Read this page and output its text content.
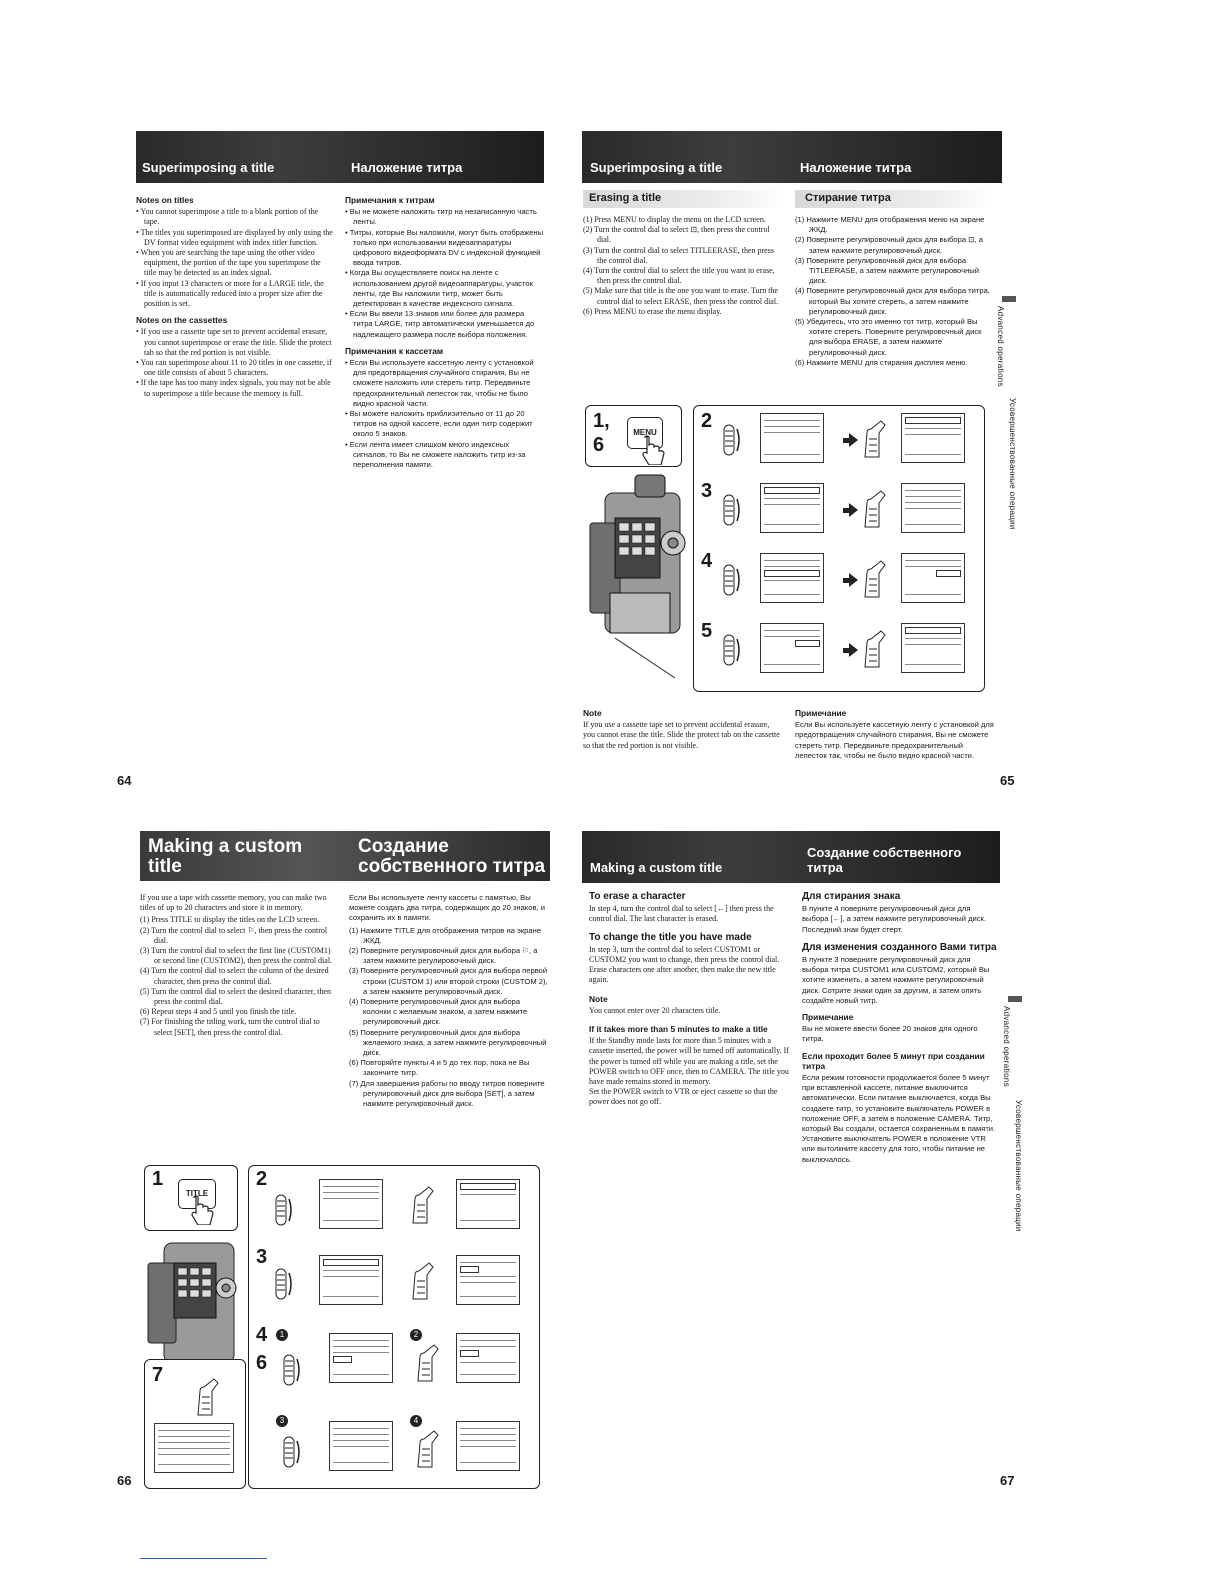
Superimposing a title	Наложение титра
Notes on titles
• You cannot superimpose a title to a blank portion of the tape.
• The titles you superimposed are displayed by only using the DV format video equipment with index titler function.
• When you are searching the tape using the other video equipment, the portion of the tape you superimpose the title may be detected as an index signal.
• If you input 13 characters or more for a LARGE title, the title is automatically reduced into a proper size after the position is set.
Notes on the cassettes
• If you use a cassette tape set to prevent accidental erasure, you cannot superimpose or erase the title. Slide the protect tab so that the red portion is not visible.
• You can superimpose about 11 to 20 titles in one cassette, if one title consists of about 5 characters.
• If the tape has too many index signals, you may not be able to superimpose a title because the memory is full.
Примечания к титрам
• Вы не можете наложить титр на незаписанную часть ленты.
• Титры, которые Вы наложили, могут быть отображены только при использовании видеоаппаратуры цифрового видеоформата DV с индексной функцией ввода титров.
• Когда Вы осуществляете поиск на ленте с использованием другой видеоаппаратуры, участок ленты, где Вы наложили титр, может быть детектирован в качестве индексного сигнала.
• Если Вы ввели 13 знаков или более для размера титра LARGE, титр автоматически уменьшается до надлежащего размера после выбора положения.
Примечания к кассетам
• Если Вы используете кассетную ленту с установкой для предотвращения случайного стирания, Вы не сможете наложить или стереть титр. Передвиньте предохранительный лепесток так, чтобы не было видно красной части.
• Вы можете наложить приблизительно от 11 до 20 титров на одной кассете, если один титр содержит около 5 знаков.
• Если лента имеет слишком много индексных сигналов, то Вы не сможете наложить титр из-за переполнения памяти.
64
Superimposing a title	Наложение титра
Erasing a title	Стирание титра
(1) Press MENU to display the menu on the LCD screen.
(2) Turn the control dial to select ⊡, then press the control dial.
(3) Turn the control dial to select TITLEERASE, then press the control dial.
(4) Turn the control dial to select the title you want to erase, then press the control dial.
(5) Make sure that title is the one you want to erase. Turn the control dial to select ERASE, then press the control dial.
(6) Press MENU to erase the menu display.
(1) Нажмите MENU для отображения меню на экране ЖКД.
(2) Поверните регулировочный диск для выбора ⊡, а затем нажмите регулировочный диск.
(3) Поверните регулировочный диск для выбора TITLEERASE, а затем нажмите регулировочный диск.
(4) Поверните регулировочный диск для выбора титра, который Вы хотите стереть, а затем нажмите регулировочный диск.
(5) Убедитесь, что это именно тот титр, который Вы хотите стереть. Поверните регулировочный диск для выбора ERASE, а затем нажмите регулировочный диск.
(6) Нажмите MENU для стирания дисплея меню.
1,
6
MENU
2
3
4
5
Note
If you use a cassette tape set to prevent accidental erasure, you cannot erase the title. Slide the protect tab on the cassette so that the red portion is not visible.
Примечание
Если Вы используете кассетную ленту с установкой для предотвращения случайного стирания, Вы не сможете стереть титр. Передвиньте предохранительный лепесток так, чтобы не было видно красной части.
Advanced operations
Усовершенствованные операции
65
Making a custom
title
Создание
собственного титра
If you use a tape with cassette memory, you can make two titles of up to 20 characters and store it in memory.
(1) Press TITLE to display the titles on the LCD screen.
(2) Turn the control dial to select ⚐, then press the control dial.
(3) Turn the control dial to select the first line (CUSTOM1) or second line (CUSTOM2), then press the control dial.
(4) Turn the control dial to select the column of the desired character, then press the control dial.
(5) Turn the control dial to select the desired character, then press the control dial.
(6) Repeat steps 4 and 5 until you finish the title.
(7) For finishing the titling work, turn the control dial to select [SET], then press the control dial.
Если Вы используете ленту кассеты с памятью, Вы можете создать два титра, содержащих до 20 знаков, и сохранить их в памяти.
(1) Нажмите TITLE для отображения титров на экране ЖКД.
(2) Поверните регулировочный диск для выбора ⚐, а затем нажмите регулировочный диск.
(3) Поверните регулировочный диск для выбора первой строки (CUSTOM 1) или второй строки (CUSTOM 2), а затем нажмите регулировочный диск.
(4) Поверните регулировочный диск для выбора колонки с желаемым знаком, а затем нажмите регулировочный диск.
(5) Поверните регулировочный диск для выбора желаемого знака, а затем нажмите регулировочный диск.
(6) Повторяйте пункты 4 и 5 до тех пор, пока не Вы закончите титр.
(7) Для завершения работы по вводу титров поверните регулировочный диск для выбора [SET], а затем нажмите регулировочный диск.
1
TITLE
7
2
3
4	1
6
2
3	4
66
Making a custom title
Создание собственного титра
To erase a character
In step 4, turn the control dial to select [←] then press the control dial. The last character is erased.
To change the title you have made
In step 3, turn the control dial to select CUSTOM1 or CUSTOM2 you want to change, then press the control dial. Erase characters one after another, then make the new title again.
Note
You cannot enter over 20 characters title.
If it takes more than 5 minutes to make a title
If the Standby mode lasts for more than 5 minutes with a cassette inserted, the power will be turned off automatically. If the power is turned off while you are making a title, set the POWER switch to OFF once, then to CAMERA. The title you have made remains stored in memory.
Set the POWER switch to VTR or eject cassette so that the power does not go off.
Для стирания знака
В пункте 4 поверните регулировочный диск для выбора [←], а затем нажмите регулировочный диск. Последний знак будет стерт.
Для изменения созданного Вами титра
В пункте 3 поверните регулировочный диск для выбора титра CUSTOM1 или CUSTOM2, который Вы хотите изменить, а затем нажмите регулировочный диск. Сотрите знаки один за другим, а затем опять создайте новый титр.
Примечание
Вы не можете ввести более 20 знаков для одного титра.
Если проходит более 5 минут при создании титра
Если режим готовности продолжается более 5 минут при вставленной кассете, питание выключится автоматически. Если питание выключается, когда Вы создаете титр, то установите выключатель POWER в положение OFF, а затем в положение CAMERA. Титр, который Вы создали, остается сохраненным в памяти. Установите выключатель POWER в положение VTR или вытолкните кассету для того, чтобы питание не выключалось.
Advanced operations
Усовершенствованные операции
67
